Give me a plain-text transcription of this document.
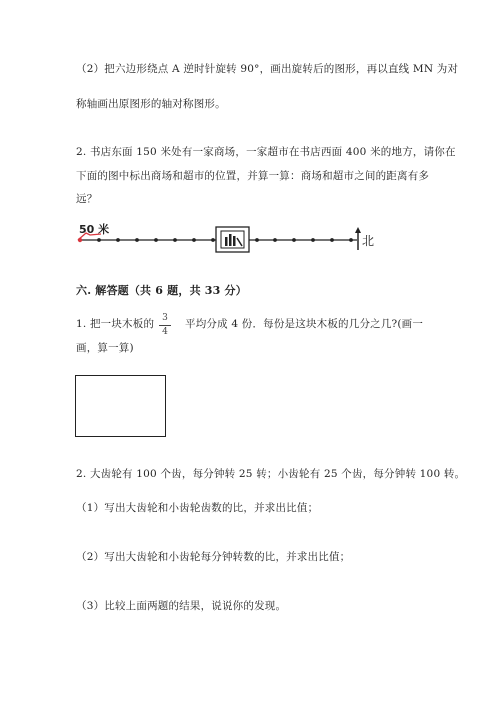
（2）把六边形绕点 A 逆时针旋转 90°，画出旋转后的图形，再以直线 MN 为对
称轴画出原图形的轴对称图形。
2. 书店东面 150 米处有一家商场，一家超市在书店西面 400 米的地方，请你在
下面的图中标出商场和超市的位置，并算一算：商场和超市之间的距离有多
远？
50 米
北
六. 解答题（共 6 题，共 33 分）
1. 把一块木板的 3
4
平均分成 4 份．每份是这块木板的几分之几?(画一
画，算一算)
2. 大齿轮有 100 个齿，每分钟转 25 转；小齿轮有 25 个齿，每分钟转 100 转。
（1）写出大齿轮和小齿轮齿数的比，并求出比值；
（2）写出大齿轮和小齿轮每分钟转数的比，并求出比值；
（3）比较上面两题的结果，说说你的发现。
